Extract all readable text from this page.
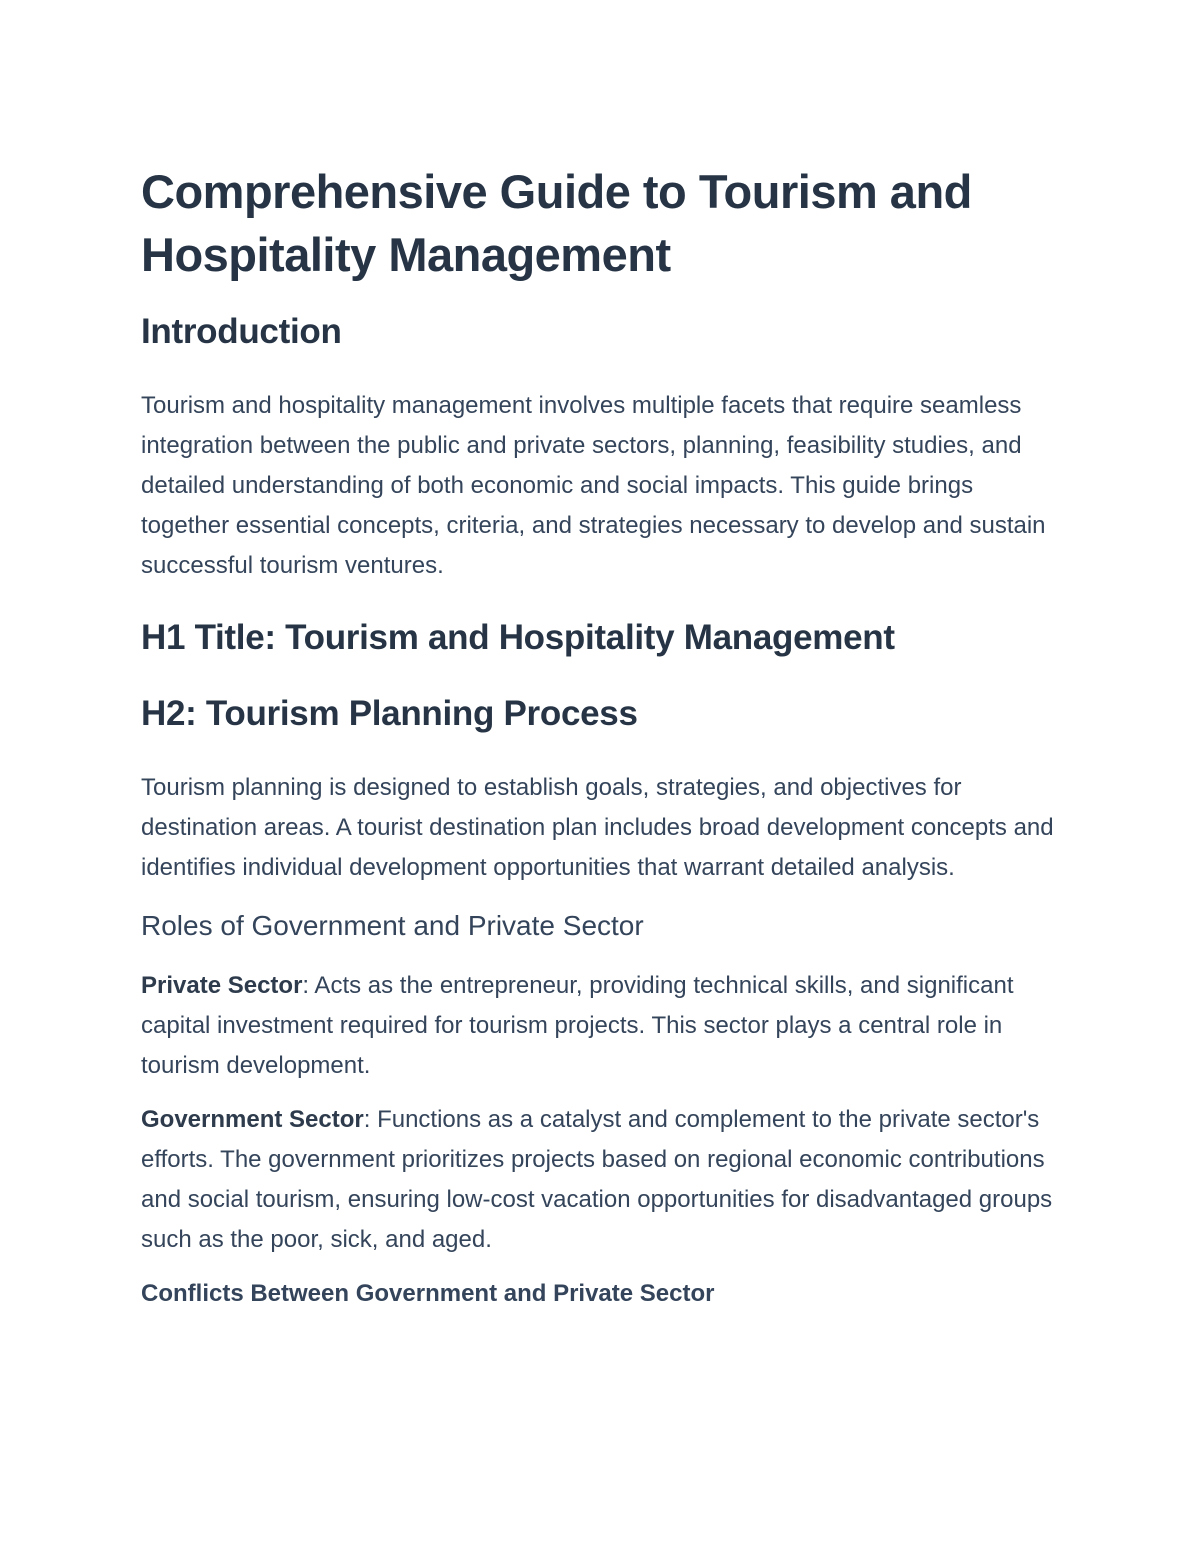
Comprehensive Guide to Tourism and Hospitality Management
Introduction

Tourism and hospitality management involves multiple facets that require seamless integration between the public and private sectors, planning, feasibility studies, and detailed understanding of both economic and social impacts. This guide brings together essential concepts, criteria, and strategies necessary to develop and sustain successful tourism ventures.

H1 Title: Tourism and Hospitality Management
H2: Tourism Planning Process

Tourism planning is designed to establish goals, strategies, and objectives for destination areas. A tourist destination plan includes broad development concepts and identifies individual development opportunities that warrant detailed analysis.

Roles of Government and Private Sector

Private Sector: Acts as the entrepreneur, providing technical skills, and significant capital investment required for tourism projects. This sector plays a central role in tourism development.

Government Sector: Functions as a catalyst and complement to the private sector's efforts. The government prioritizes projects based on regional economic contributions and social tourism, ensuring low-cost vacation opportunities for disadvantaged groups such as the poor, sick, and aged.

Conflicts Between Government and Private Sector
